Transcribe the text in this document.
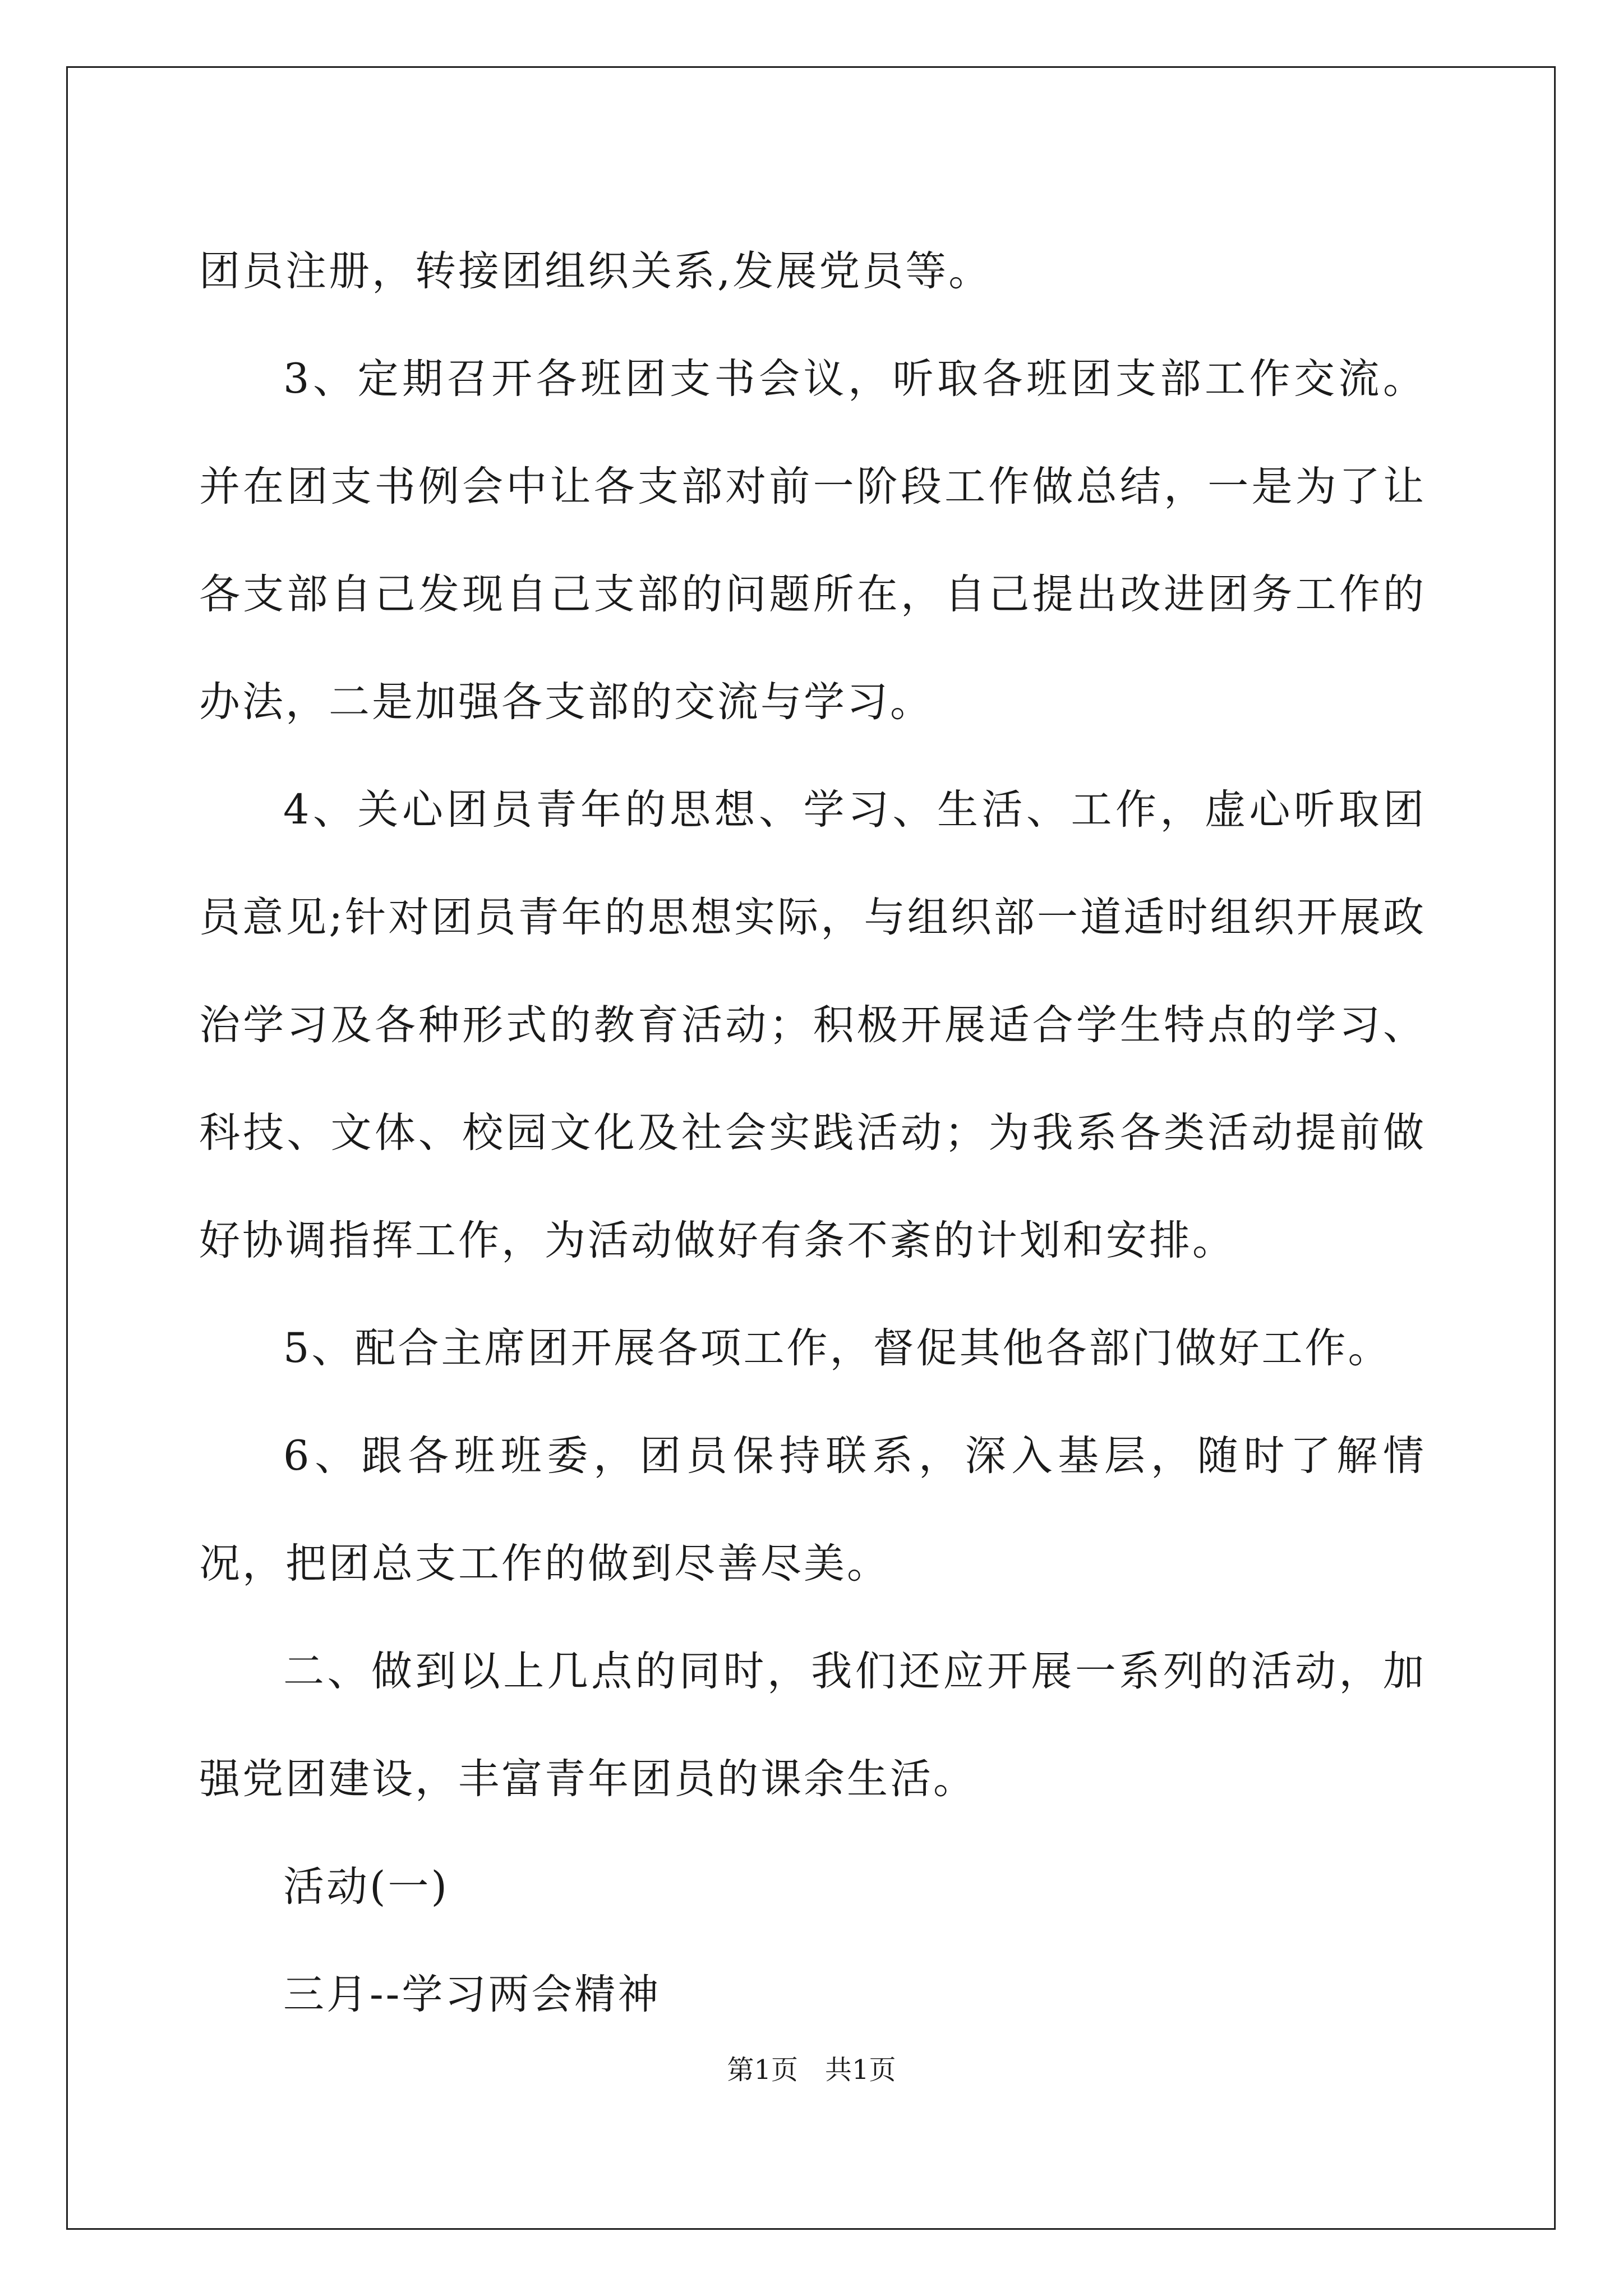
团员注册，转接团组织关系,发展党员等。

3、定期召开各班团支书会议，听取各班团支部工作交流。并在团支书例会中让各支部对前一阶段工作做总结，一是为了让各支部自己发现自己支部的问题所在，自己提出改进团务工作的办法，二是加强各支部的交流与学习。

4、关心团员青年的思想、学习、生活、工作，虚心听取团员意见;针对团员青年的思想实际，与组织部一道适时组织开展政治学习及各种形式的教育活动；积极开展适合学生特点的学习、科技、文体、校园文化及社会实践活动；为我系各类活动提前做好协调指挥工作，为活动做好有条不紊的计划和安排。

5、配合主席团开展各项工作，督促其他各部门做好工作。

6、跟各班班委，团员保持联系，深入基层，随时了解情况，把团总支工作的做到尽善尽美。

二、做到以上几点的同时，我们还应开展一系列的活动，加强党团建设，丰富青年团员的课余生活。

活动(一)

三月--学习两会精神

第1页 共1页
